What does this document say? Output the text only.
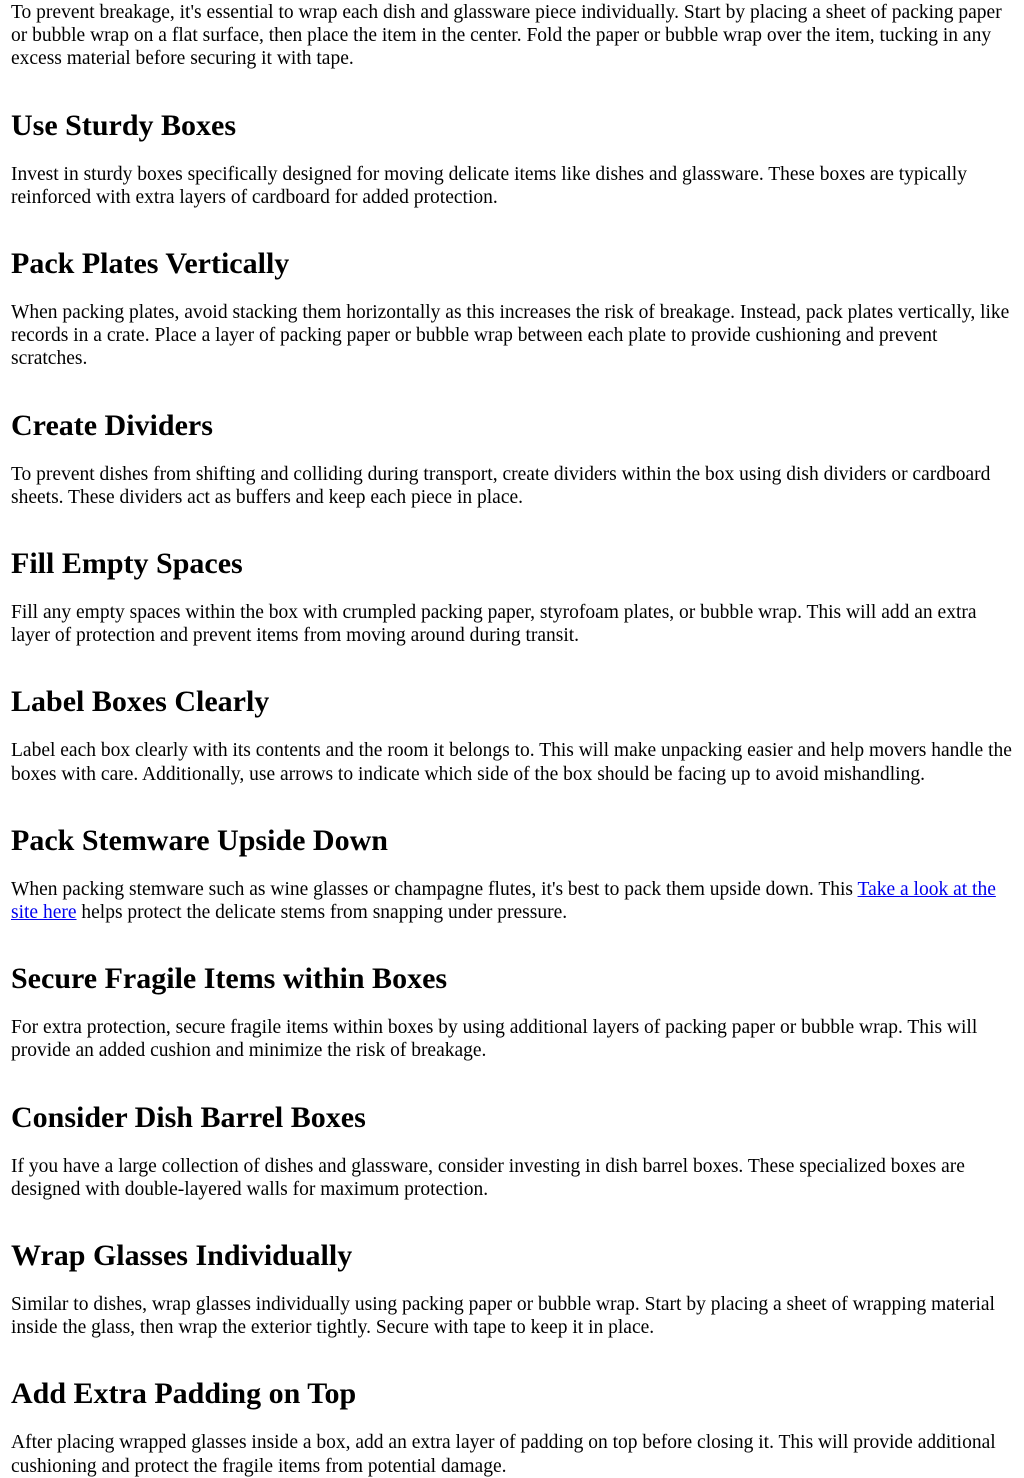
To prevent breakage, it's essential to wrap each dish and glassware piece individually. Start by placing a sheet of packing paper or bubble wrap on a flat surface, then place the item in the center. Fold the paper or bubble wrap over the item, tucking in any excess material before securing it with tape.

Use Sturdy Boxes

Invest in sturdy boxes specifically designed for moving delicate items like dishes and glassware. These boxes are typically reinforced with extra layers of cardboard for added protection.

Pack Plates Vertically

When packing plates, avoid stacking them horizontally as this increases the risk of breakage. Instead, pack plates vertically, like records in a crate. Place a layer of packing paper or bubble wrap between each plate to provide cushioning and prevent scratches.

Create Dividers

To prevent dishes from shifting and colliding during transport, create dividers within the box using dish dividers or cardboard sheets. These dividers act as buffers and keep each piece in place.

Fill Empty Spaces

Fill any empty spaces within the box with crumpled packing paper, styrofoam plates, or bubble wrap. This will add an extra layer of protection and prevent items from moving around during transit.

Label Boxes Clearly

Label each box clearly with its contents and the room it belongs to. This will make unpacking easier and help movers handle the boxes with care. Additionally, use arrows to indicate which side of the box should be facing up to avoid mishandling.

Pack Stemware Upside Down

When packing stemware such as wine glasses or champagne flutes, it's best to pack them upside down. This Take a look at the site here helps protect the delicate stems from snapping under pressure.

Secure Fragile Items within Boxes

For extra protection, secure fragile items within boxes by using additional layers of packing paper or bubble wrap. This will provide an added cushion and minimize the risk of breakage.

Consider Dish Barrel Boxes

If you have a large collection of dishes and glassware, consider investing in dish barrel boxes. These specialized boxes are designed with double-layered walls for maximum protection.

Wrap Glasses Individually

Similar to dishes, wrap glasses individually using packing paper or bubble wrap. Start by placing a sheet of wrapping material inside the glass, then wrap the exterior tightly. Secure with tape to keep it in place.

Add Extra Padding on Top

After placing wrapped glasses inside a box, add an extra layer of padding on top before closing it. This will provide additional cushioning and protect the fragile items from potential damage.
